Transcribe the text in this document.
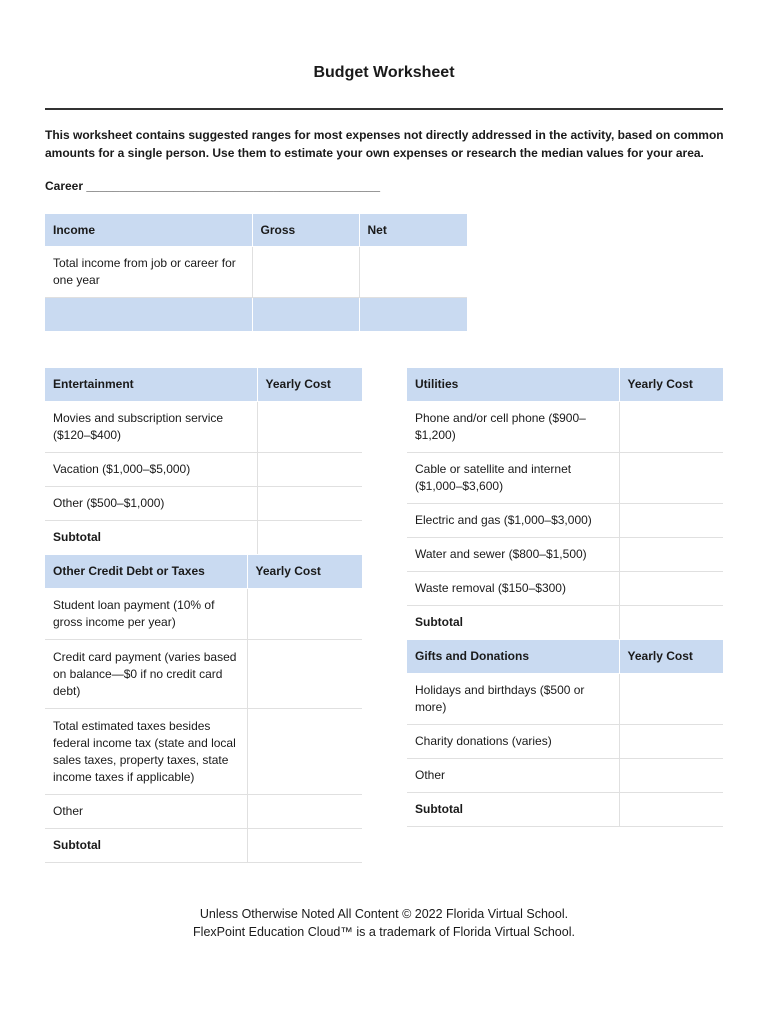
Budget Worksheet
This worksheet contains suggested ranges for most expenses not directly addressed in the activity, based on common amounts for a single person. Use them to estimate your own expenses or research the median values for your area.
Career ____________________________________________
Income	Gross	Net
Total income from job or career for one year		

Entertainment	Yearly Cost
Movies and subscription service ($120–$400)	
Vacation ($1,000–$5,000)	
Other ($500–$1,000)	
Subtotal	
Other Credit Debt or Taxes	Yearly Cost
Student loan payment (10% of gross income per year)	
Credit card payment (varies based on balance—$0 if no credit card debt)	
Total estimated taxes besides federal income tax (state and local sales taxes, property taxes, state income taxes if applicable)	
Other	
Subtotal	
Utilities	Yearly Cost
Phone and/or cell phone ($900–$1,200)	
Cable or satellite and internet ($1,000–$3,600)	
Electric and gas ($1,000–$3,000)	
Water and sewer ($800–$1,500)	
Waste removal ($150–$300)	
Subtotal	
Gifts and Donations	Yearly Cost
Holidays and birthdays ($500 or more)	
Charity donations (varies)	
Other	
Subtotal	
Unless Otherwise Noted All Content © 2022 Florida Virtual School.
FlexPoint Education Cloud™ is a trademark of Florida Virtual School.
